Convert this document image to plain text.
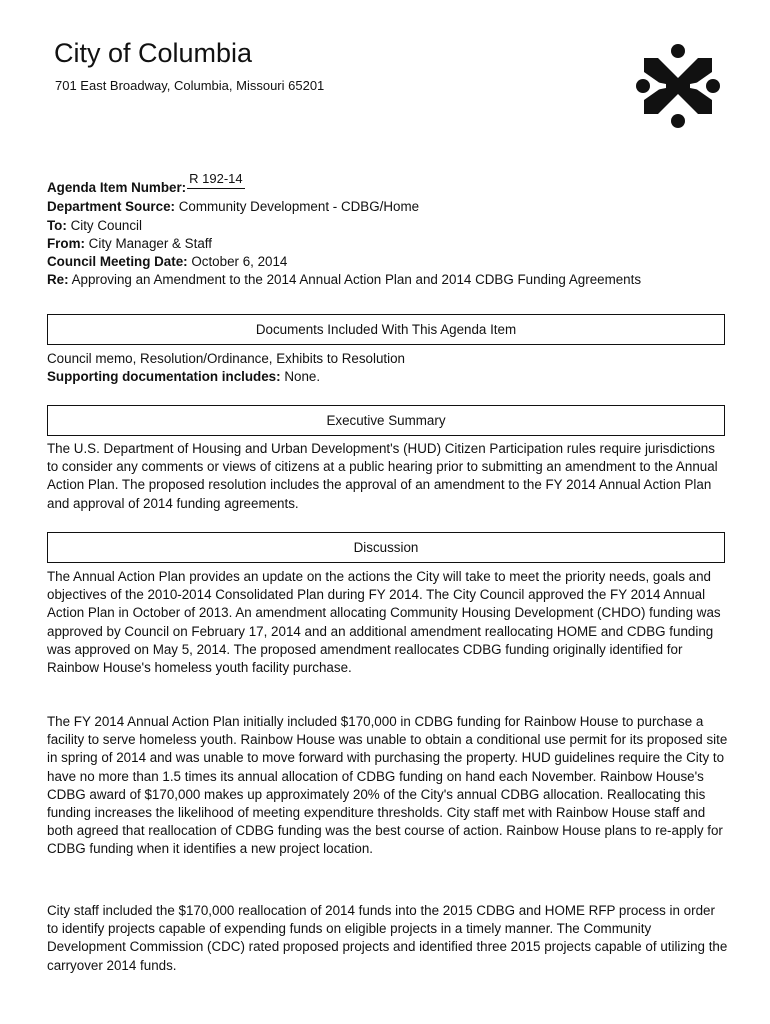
City of Columbia
701 East Broadway, Columbia, Missouri 65201
Agenda Item Number:R 192-14
Department Source: Community Development - CDBG/Home
To: City Council
From: City Manager & Staff
Council Meeting Date: October 6, 2014
Re: Approving an Amendment to the 2014 Annual Action Plan and 2014 CDBG Funding Agreements
Documents Included With This Agenda Item

Council memo, Resolution/Ordinance, Exhibits to Resolution

Supporting documentation includes: None.

Executive Summary

The U.S. Department of Housing and Urban Development's (HUD) Citizen Participation rules require jurisdictions to consider any comments or views of citizens at a public hearing prior to submitting an amendment to the Annual Action Plan. The proposed resolution includes the approval of an amendment to the FY 2014 Annual Action Plan and approval of 2014 funding agreements.

Discussion

The Annual Action Plan provides an update on the actions the City will take to meet the priority needs, goals and objectives of the 2010-2014 Consolidated Plan during FY 2014. The City Council approved the FY 2014 Annual Action Plan in October of 2013. An amendment allocating Community Housing Development (CHDO) funding was approved by Council on February 17, 2014 and an additional amendment reallocating HOME and CDBG funding was approved on May 5, 2014. The proposed amendment reallocates CDBG funding originally identified for Rainbow House's homeless youth facility purchase.

The FY 2014 Annual Action Plan initially included $170,000 in CDBG funding for Rainbow House to purchase a facility to serve homeless youth. Rainbow House was unable to obtain a conditional use permit for its proposed site in spring of 2014 and was unable to move forward with purchasing the property. HUD guidelines require the City to have no more than 1.5 times its annual allocation of CDBG funding on hand each November. Rainbow House's CDBG award of $170,000 makes up approximately 20% of the City's annual CDBG allocation. Reallocating this funding increases the likelihood of meeting expenditure thresholds. City staff met with Rainbow House staff and both agreed that reallocation of CDBG funding was the best course of action. Rainbow House plans to re-apply for CDBG funding when it identifies a new project location.

City staff included the $170,000 reallocation of 2014 funds into the 2015 CDBG and HOME RFP process in order to identify projects capable of expending funds on eligible projects in a timely manner. The Community Development Commission (CDC) rated proposed projects and identified three 2015 projects capable of utilizing the carryover 2014 funds.
